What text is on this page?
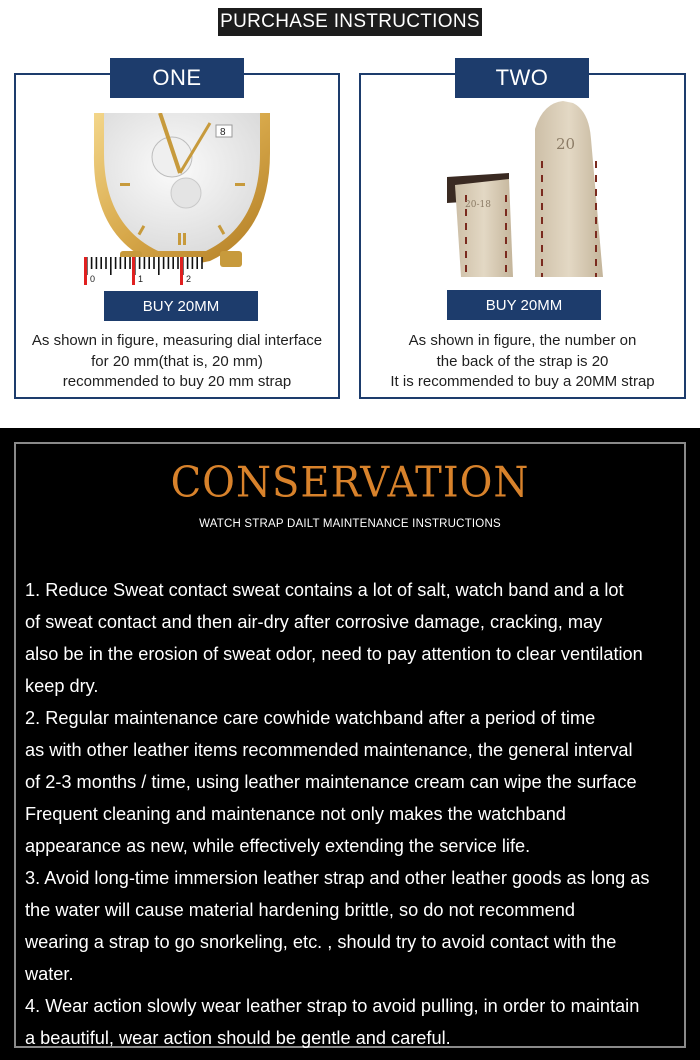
PURCHASE INSTRUCTIONS
ONE
8
0	1	2
BUY 20MM
As shown in figure, measuring dial interface
for 20 mm(that is, 20 mm)
recommended to buy 20 mm strap
TWO
20
20-18
BUY 20MM
As shown in figure, the number on
the back of the strap is 20
It is recommended to buy a 20MM strap
CONSERVATION
WATCH STRAP DAILT MAINTENANCE INSTRUCTIONS
1. Reduce Sweat contact sweat contains a lot of salt, watch band and a lot
of sweat contact and then air-dry after corrosive damage, cracking, may
also be in the erosion of sweat odor, need to pay attention to clear ventilation
keep dry.
2. Regular maintenance care cowhide watchband after a period of time
as with other leather items recommended maintenance, the general interval
of 2-3 months / time, using leather maintenance cream can wipe the surface
Frequent cleaning and maintenance not only makes the watchband
appearance as new, while effectively extending the service life.
3. Avoid long-time immersion leather strap and other leather goods as long as
the water will cause material hardening brittle, so do not recommend
wearing a strap to go snorkeling, etc. , should try to avoid contact with the
water.
4. Wear action slowly wear leather strap to avoid pulling, in order to maintain
a beautiful, wear action should be gentle and careful.
